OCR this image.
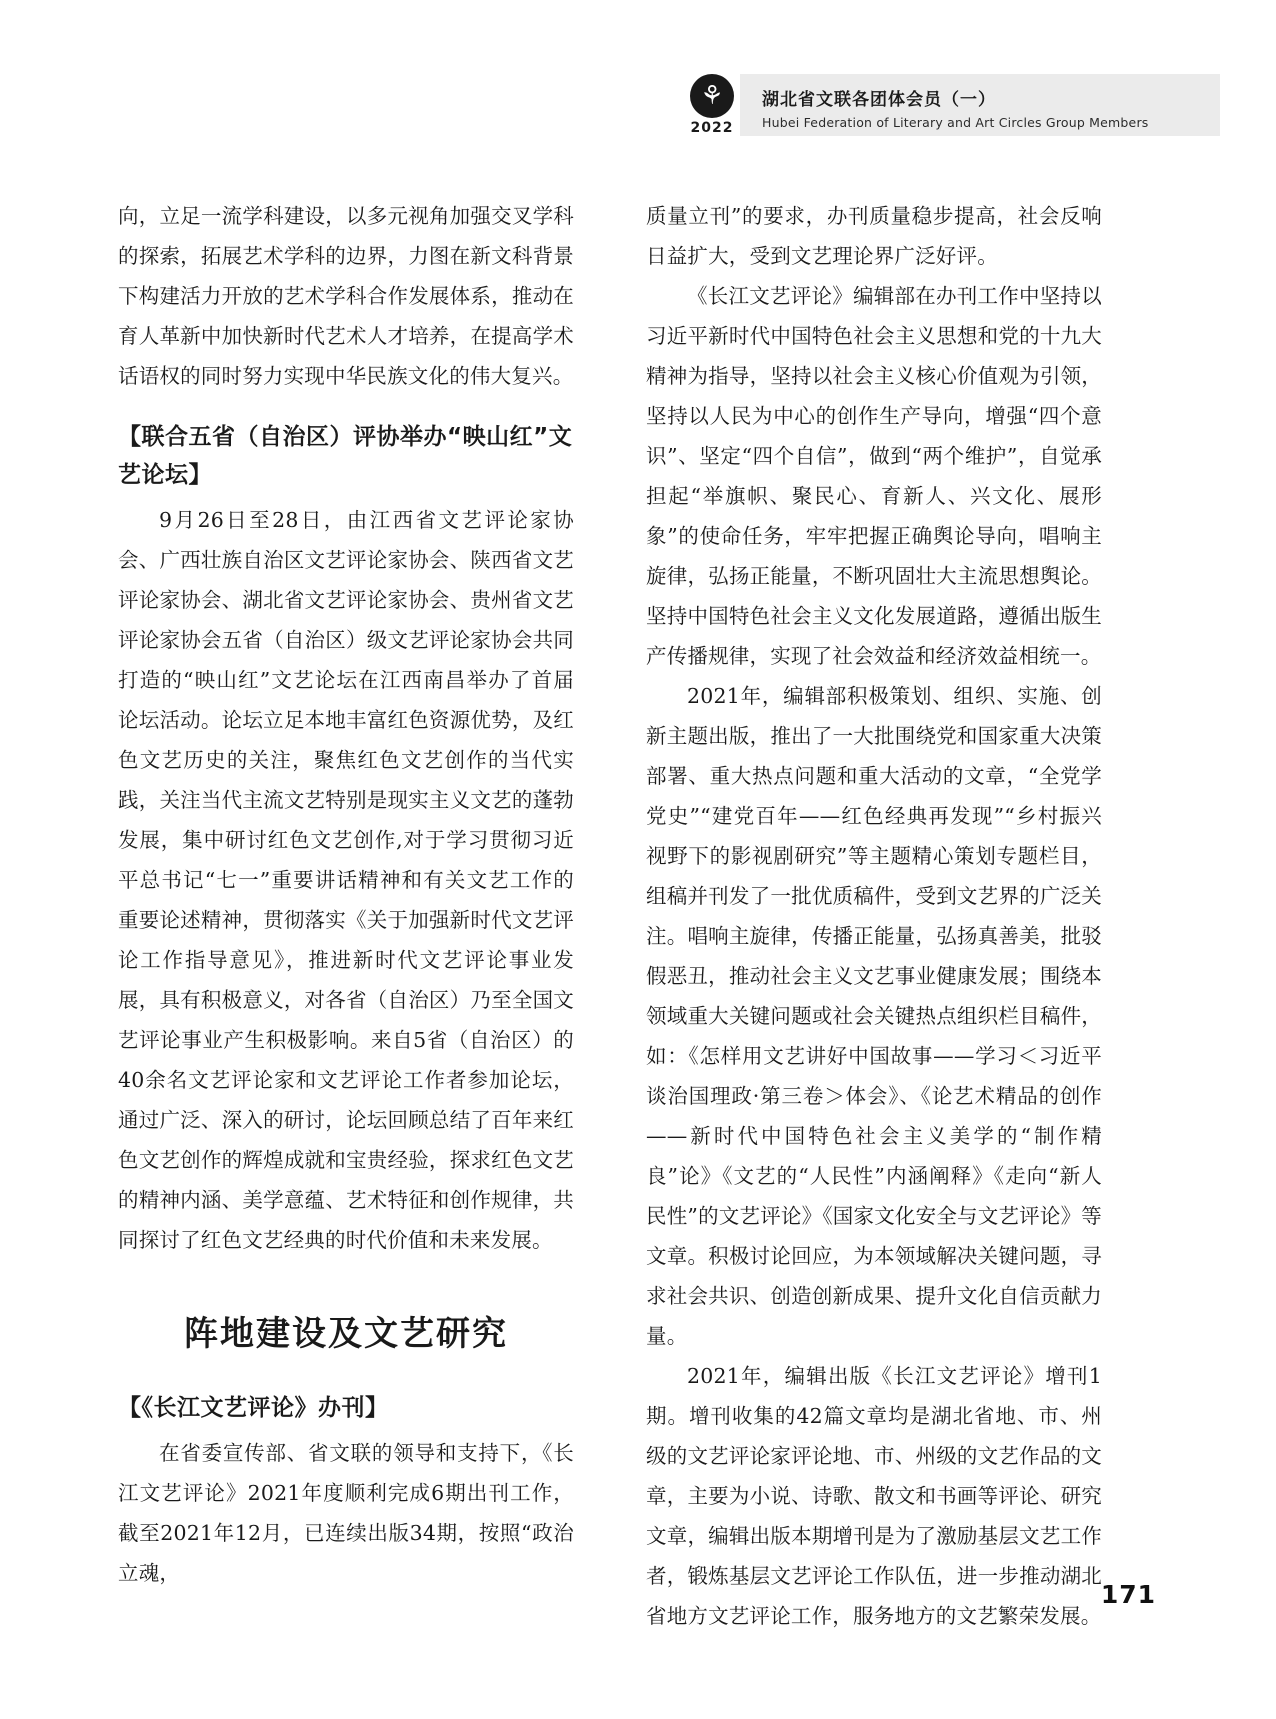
⚘
2022
湖北省文联各团体会员（一）
Hubei Federation of Literary and Art Circles Group Members

向，立足一流学科建设，以多元视角加强交叉学科的探索，拓展艺术学科的边界，力图在新文科背景下构建活力开放的艺术学科合作发展体系，推动在育人革新中加快新时代艺术人才培养，在提高学术话语权的同时努力实现中华民族文化的伟大复兴。

【联合五省（自治区）评协举办“映山红”文艺论坛】

9月26日至28日，由江西省文艺评论家协会、广西壮族自治区文艺评论家协会、陕西省文艺评论家协会、湖北省文艺评论家协会、贵州省文艺评论家协会五省（自治区）级文艺评论家协会共同打造的“映山红”文艺论坛在江西南昌举办了首届论坛活动。论坛立足本地丰富红色资源优势，及红色文艺历史的关注，聚焦红色文艺创作的当代实践，关注当代主流文艺特别是现实主义文艺的蓬勃发展，集中研讨红色文艺创作,对于学习贯彻习近平总书记“七一”重要讲话精神和有关文艺工作的重要论述精神，贯彻落实《关于加强新时代文艺评论工作指导意见》，推进新时代文艺评论事业发展，具有积极意义，对各省（自治区）乃至全国文艺评论事业产生积极影响。来自5省（自治区）的40余名文艺评论家和文艺评论工作者参加论坛，通过广泛、深入的研讨，论坛回顾总结了百年来红色文艺创作的辉煌成就和宝贵经验，探求红色文艺的精神内涵、美学意蕴、艺术特征和创作规律，共同探讨了红色文艺经典的时代价值和未来发展。

阵地建设及文艺研究
【《长江文艺评论》办刊】

在省委宣传部、省文联的领导和支持下，《长江文艺评论》2021年度顺利完成6期出刊工作，截至2021年12月，已连续出版34期，按照“政治立魂，

质量立刊”的要求，办刊质量稳步提高，社会反响日益扩大，受到文艺理论界广泛好评。

《长江文艺评论》编辑部在办刊工作中坚持以习近平新时代中国特色社会主义思想和党的十九大精神为指导，坚持以社会主义核心价值观为引领，坚持以人民为中心的创作生产导向，增强“四个意识”、坚定“四个自信”，做到“两个维护”，自觉承担起“举旗帜、聚民心、育新人、兴文化、展形象”的使命任务，牢牢把握正确舆论导向，唱响主旋律，弘扬正能量，不断巩固壮大主流思想舆论。坚持中国特色社会主义文化发展道路，遵循出版生产传播规律，实现了社会效益和经济效益相统一。

2021年，编辑部积极策划、组织、实施、创新主题出版，推出了一大批围绕党和国家重大决策部署、重大热点问题和重大活动的文章，“全党学党史”“建党百年——红色经典再发现”“乡村振兴视野下的影视剧研究”等主题精心策划专题栏目，组稿并刊发了一批优质稿件，受到文艺界的广泛关注。唱响主旋律，传播正能量，弘扬真善美，批驳假恶丑，推动社会主义文艺事业健康发展；围绕本领域重大关键问题或社会关键热点组织栏目稿件，如：《怎样用文艺讲好中国故事——学习＜习近平谈治国理政·第三卷＞体会》、《论艺术精品的创作——新时代中国特色社会主义美学的“制作精良”论》《文艺的“人民性”内涵阐释》《走向“新人民性”的文艺评论》《国家文化安全与文艺评论》等文章。积极讨论回应，为本领域解决关键问题，寻求社会共识、创造创新成果、提升文化自信贡献力量。

2021年，编辑出版《长江文艺评论》增刊1期。增刊收集的42篇文章均是湖北省地、市、州级的文艺评论家评论地、市、州级的文艺作品的文章，主要为小说、诗歌、散文和书画等评论、研究文章，编辑出版本期增刊是为了激励基层文艺工作者，锻炼基层文艺评论工作队伍，进一步推动湖北省地方文艺评论工作，服务地方的文艺繁荣发展。

171
